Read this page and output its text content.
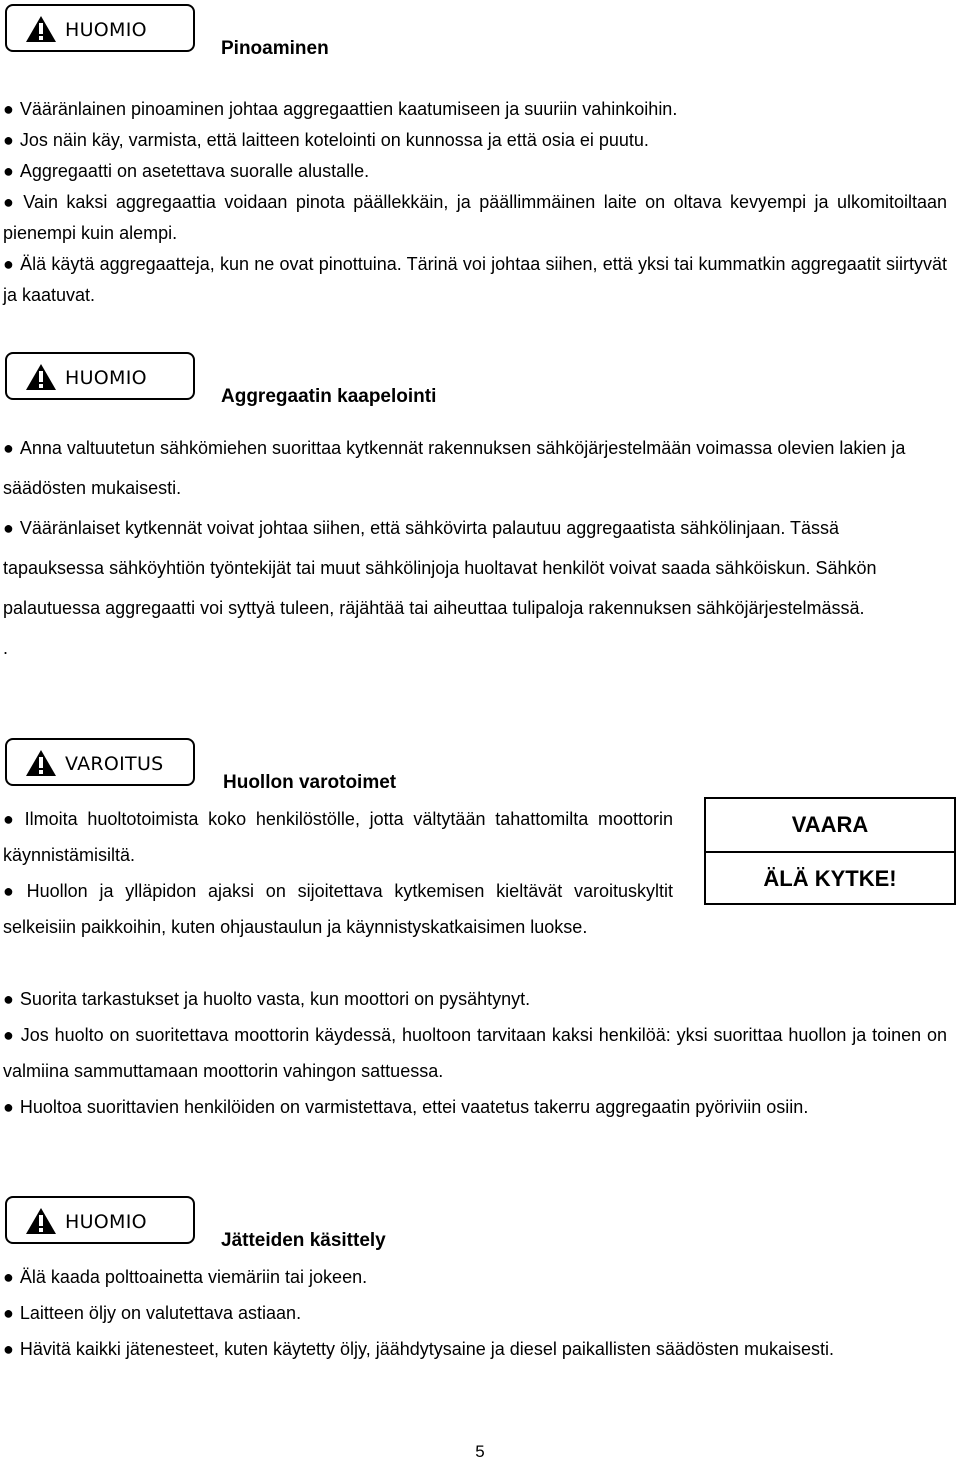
HUOMIO
Pinoaminen
● Vääränlainen pinoaminen johtaa aggregaattien kaatumiseen ja suuriin vahinkoihin.
● Jos näin käy, varmista, että laitteen kotelointi on kunnossa ja että osia ei puutu.
● Aggregaatti on asetettava suoralle alustalle.
● Vain kaksi aggregaattia voidaan pinota päällekkäin, ja päällimmäinen laite on oltava kevyempi ja ulkomitoiltaan pienempi kuin alempi.
● Älä käytä aggregaatteja, kun ne ovat pinottuina. Tärinä voi johtaa siihen, että yksi tai kummatkin aggregaatit siirtyvät ja kaatuvat.
HUOMIO
Aggregaatin kaapelointi
● Anna valtuutetun sähkömiehen suorittaa kytkennät rakennuksen sähköjärjestelmään voimassa olevien lakien ja säädösten mukaisesti.
● Vääränlaiset kytkennät voivat johtaa siihen, että sähkövirta palautuu aggregaatista sähkölinjaan. Tässä tapauksessa sähköyhtiön työntekijät tai muut sähkölinjoja huoltavat henkilöt voivat saada sähköiskun. Sähkön palautuessa aggregaatti voi syttyä tuleen, räjähtää tai aiheuttaa tulipaloja rakennuksen sähköjärjestelmässä.
.
VAROITUS
Huollon varotoimet
● Ilmoita huoltotoimista koko henkilöstölle, jotta vältytään tahattomilta moottorin käynnistämisiltä.
● Huollon ja ylläpidon ajaksi on sijoitettava kytkemisen kieltävät varoituskyltit selkeisiin paikkoihin, kuten ohjaustaulun ja käynnistyskatkaisimen luokse.
● Suorita tarkastukset ja huolto vasta, kun moottori on pysähtynyt.
● Jos huolto on suoritettava moottorin käydessä, huoltoon tarvitaan kaksi henkilöä: yksi suorittaa huollon ja toinen on valmiina sammuttamaan moottorin vahingon sattuessa.
● Huoltoa suorittavien henkilöiden on varmistettava, ettei vaatetus takerru aggregaatin pyöriviin osiin.
VAARA
ÄLÄ KYTKE!
HUOMIO
Jätteiden käsittely
● Älä kaada polttoainetta viemäriin tai jokeen.
● Laitteen öljy on valutettava astiaan.
● Hävitä kaikki jätenesteet, kuten käytetty öljy, jäähdytysaine ja diesel paikallisten säädösten mukaisesti.
5
